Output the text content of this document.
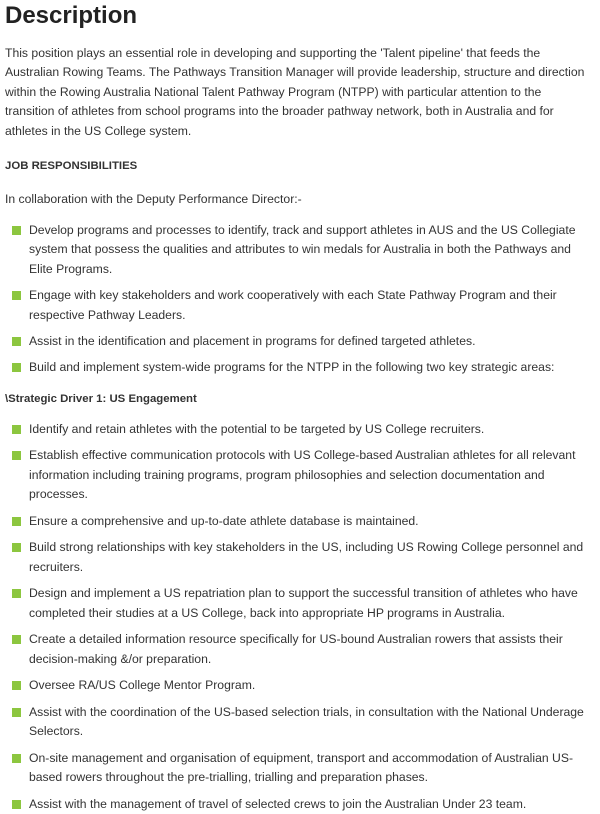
Description

This position plays an essential role in developing and supporting the 'Talent pipeline' that feeds the Australian Rowing Teams. The Pathways Transition Manager will provide leadership, structure and direction within the Rowing Australia National Talent Pathway Program (NTPP) with particular attention to the transition of athletes from school programs into the broader pathway network, both in Australia and for athletes in the US College system.

JOB RESPONSIBILITIES

In collaboration with the Deputy Performance Director:-

Develop programs and processes to identify, track and support athletes in AUS and the US Collegiate system that possess the qualities and attributes to win medals for Australia in both the Pathways and Elite Programs.
Engage with key stakeholders and work cooperatively with each State Pathway Program and their respective Pathway Leaders.
Assist in the identification and placement in programs for defined targeted athletes.
Build and implement system-wide programs for the NTPP in the following two key strategic areas:
\Strategic Driver 1: US Engagement
Identify and retain athletes with the potential to be targeted by US College recruiters.
Establish effective communication protocols with US College-based Australian athletes for all relevant information including training programs, program philosophies and selection documentation and processes.
Ensure a comprehensive and up-to-date athlete database is maintained.
Build strong relationships with key stakeholders in the US, including US Rowing College personnel and recruiters.
Design and implement a US repatriation plan to support the successful transition of athletes who have completed their studies at a US College, back into appropriate HP programs in Australia.
Create a detailed information resource specifically for US-bound Australian rowers that assists their decision-making &/or preparation.
Oversee RA/US College Mentor Program.
Assist with the coordination of the US-based selection trials, in consultation with the National Underage Selectors.
On-site management and organisation of equipment, transport and accommodation of Australian US-based rowers throughout the pre-trialling, trialling and preparation phases.
Assist with the management of travel of selected crews to join the Australian Under 23 team.
